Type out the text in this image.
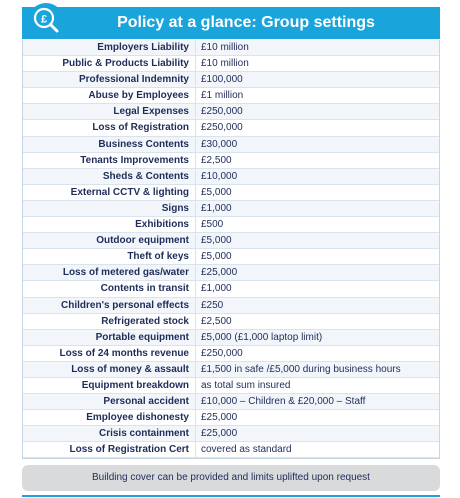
Policy at a glance: Group settings
£
Employers Liability £10 million
Public & Products Liability £10 million
Professional Indemnity £100,000
Abuse by Employees £1 million
Legal Expenses £250,000
Loss of Registration £250,000
Business Contents £30,000
Tenants Improvements £2,500
Sheds & Contents £10,000
External CCTV & lighting £5,000
Signs £1,000
Exhibitions £500
Outdoor equipment £5,000
Theft of keys £5,000
Loss of metered gas/water £25,000
Contents in transit £1,000
Children's personal effects £250
Refrigerated stock £2,500
Portable equipment £5,000 (£1,000 laptop limit)
Loss of 24 months revenue £250,000
Loss of money & assault £1,500 in safe /£5,000 during business hours
Equipment breakdown as total sum insured
Personal accident £10,000 – Children & £20,000 – Staff
Employee dishonesty £25,000
Crisis containment £25,000
Loss of Registration Cert covered as standard
Building cover can be provided and limits uplifted upon request
